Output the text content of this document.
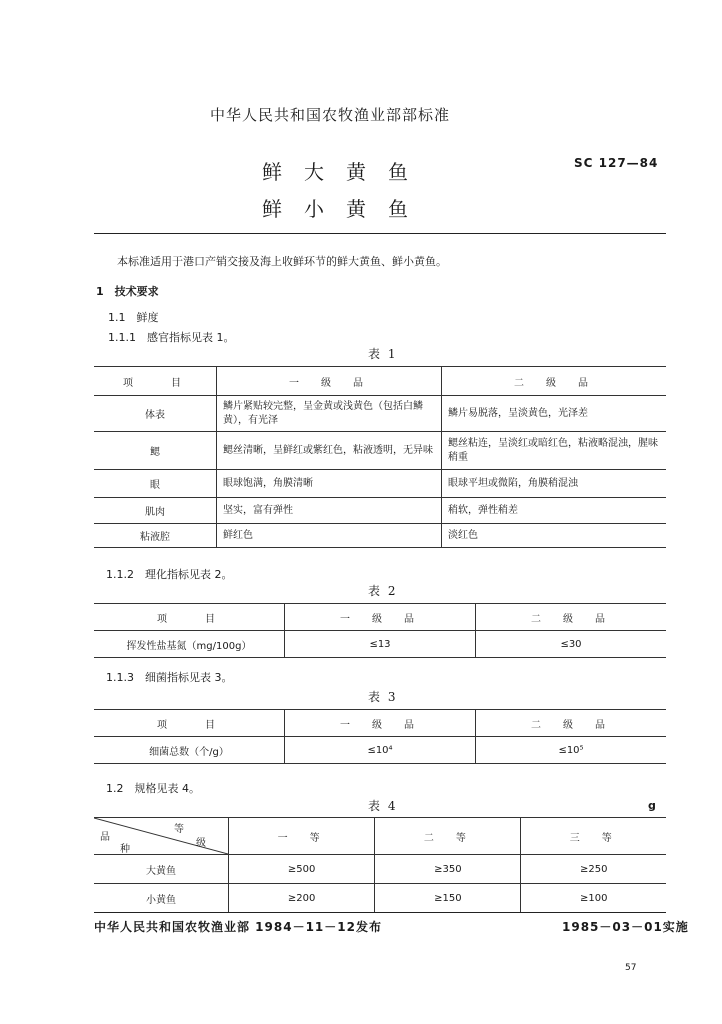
中华人民共和国农牧渔业部部标准
鲜大黄鱼
鲜小黄鱼
SC 127—84
本标准适用于港口产销交接及海上收鲜环节的鲜大黄鱼、鲜小黄鱼。
1　技术要求
1.1　鲜度
1.1.1　感官指标见表 1。
表 1
项　　目	一　级　品	二　级　品
体表	鳞片紧贴较完整，呈金黄或浅黄色（包括白鳞黄），有光泽	鳞片易脱落，呈淡黄色，光泽差
鳃	鳃丝清晰，呈鲜红或紫红色，粘液透明，无异味	鳃丝粘连，呈淡红或暗红色，粘液略混浊，腥味稍重
眼	眼球饱满，角膜清晰	眼球平坦或微陷，角膜稍混浊
肌肉	坚实，富有弹性	稍软，弹性稍差
粘液腔	鲜红色	淡红色
1.1.2　理化指标见表 2。
表 2
项　　目	一　级　品	二　级　品
挥发性盐基氮（mg/100g）	≤13	≤30
1.1.3　细菌指标见表 3。
表 3
项　　目	一　级　品	二　级　品
细菌总数（个/g）	≤10⁴	≤10⁵
1.2　规格见表 4。
表 4	g
等
级
品
种	一　等	二　等	三　等
大黄鱼	≥500	≥350	≥250
小黄鱼	≥200	≥150	≥100
中华人民共和国农牧渔业部 1984－11－12发布	1985－03－01实施
57
